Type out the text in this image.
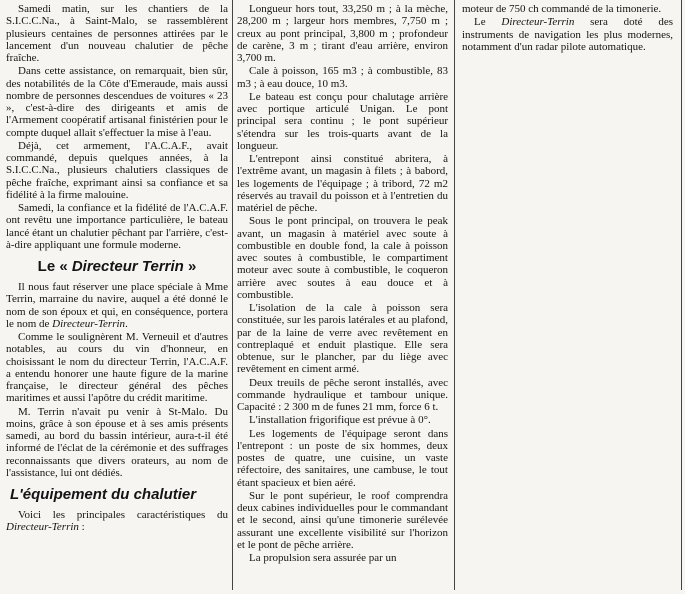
Samedi matin, sur les chantiers de la S.I.C.C.Na., à Saint-Malo, se rassemblèrent plusieurs centaines de personnes attirées par le lancement d'un nouveau chalutier de pêche fraîche.

Dans cette assistance, on remarquait, bien sûr, des notabilités de la Côte d'Emeraude, mais aussi nombre de personnes descendues de voitures « 23 », c'est-à-dire des dirigeants et amis de l'Armement coopératif artisanal finistérien pour le compte duquel allait s'effectuer la mise à l'eau.

Déjà, cet armement, l'A.C.A.F., avait commandé, depuis quelques années, à la S.I.C.C.Na., plusieurs chalutiers classiques de pêche fraîche, exprimant ainsi sa confiance et sa fidélité à la firme malouine.

Samedi, la confiance et la fidélité de l'A.C.A.F. ont revêtu une importance particulière, le bateau lancé étant un chalutier pêchant par l'arrière, c'est-à-dire appliquant une formule moderne.

Le « Directeur Terrin »

Il nous faut réserver une place spéciale à Mme Terrin, marraine du navire, auquel a été donné le nom de son époux et qui, en conséquence, portera le nom de Directeur-Terrin.

Comme le soulignèrent M. Verneuil et d'autres notables, au cours du vin d'honneur, en choisissant le nom du directeur Terrin, l'A.C.A.F. a entendu honorer une haute figure de la marine française, le directeur général des pêches maritimes et aussi l'apôtre du crédit maritime.

M. Terrin n'avait pu venir à St-Malo. Du moins, grâce à son épouse et à ses amis présents samedi, au bord du bassin intérieur, aura-t-il été informé de l'éclat de la cérémonie et des suffrages reconnaissants que divers orateurs, au nom de l'assistance, lui ont dédiés.

L'équipement du chalutier

Voici les principales caractéristiques du Directeur-Terrin :

Longueur hors tout, 33,250 m ; à la mèche, 28,200 m ; largeur hors membres, 7,750 m ; creux au pont principal, 3,800 m ; profondeur de carène, 3 m ; tirant d'eau arrière, environ 3,700 m.

Cale à poisson, 165 m3 ; à combustible, 83 m3 ; à eau douce, 10 m3.

Le bateau est conçu pour chalutage arrière avec portique articulé Unigan. Le pont principal sera continu ; le pont supérieur s'étendra sur les trois-quarts avant de la longueur.

L'entrepont ainsi constitué abritera, à l'extrême avant, un magasin à filets ; à babord, les logements de l'équipage ; à tribord, 72 m2 réservés au travail du poisson et à l'entretien du matériel de pêche.

Sous le pont principal, on trouvera le peak avant, un magasin à matériel avec soute à combustible en double fond, la cale à poisson avec soutes à combustible, le compartiment moteur avec soute à combustible, le coqueron arrière avec soutes à eau douce et à combustible.

L'isolation de la cale à poisson sera constituée, sur les parois latérales et au plafond, par de la laine de verre avec revêtement en contreplaqué et enduit plastique. Elle sera obtenue, sur le plancher, par du liège avec revêtement en ciment armé.

Deux treuils de pêche seront installés, avec commande hydraulique et tambour unique. Capacité : 2 300 m de funes 21 mm, force 6 t.

L'installation frigorifique est prévue à 0°.

Les logements de l'équipage seront dans l'entrepont : un poste de six hommes, deux postes de quatre, une cuisine, un vaste réfectoire, des sanitaires, une cambuse, le tout étant spacieux et bien aéré.

Sur le pont supérieur, le roof comprendra deux cabines individuelles pour le commandant et le second, ainsi qu'une timonerie surélevée assurant une excellente visibilité sur l'horizon et le pont de pêche arrière.

La propulsion sera assurée par un

moteur de 750 ch commandé de la timonerie.

Le Directeur-Terrin sera doté des instruments de navigation les plus modernes, notamment d'un radar pilote automatique.
